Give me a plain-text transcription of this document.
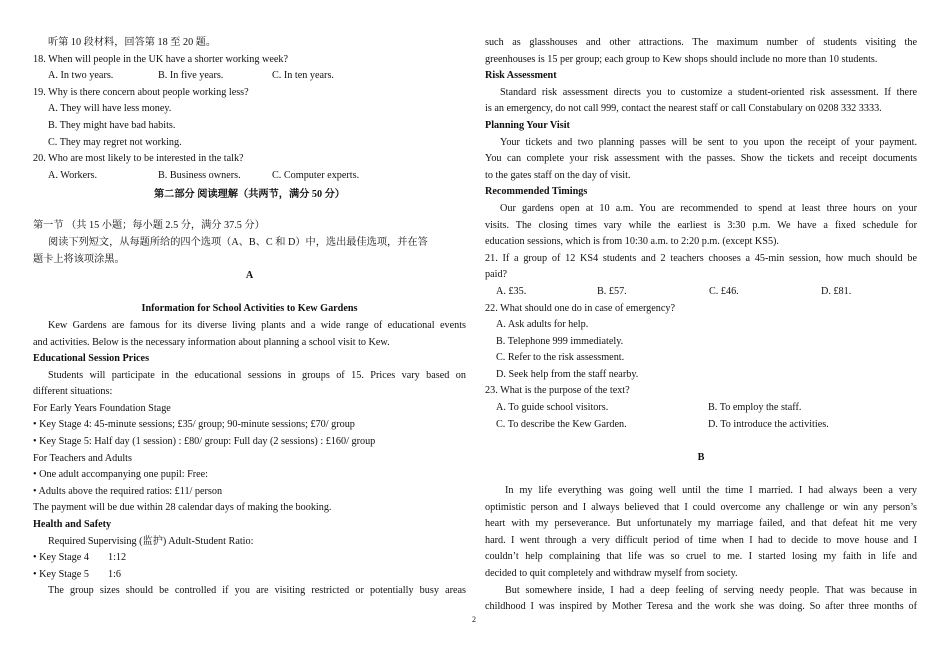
听第 10 段材料，回答第 18 至 20 题。
18. When will people in the UK have a shorter working week?
A. In two years.	B. In five years.	C. In ten years.
19. Why is there concern about people working less?
A. They will have less money.
B. They might have bad habits.
C. They may regret not working.
20. Who are most likely to be interested in the talk?
A. Workers.	B. Business owners.	C. Computer experts.
第二部分 阅读理解（共两节，满分 50 分）
第一节 （共 15 小题；每小题 2.5 分，满分 37.5 分）
阅读下列短文，从每题所给的四个选项（A、B、C 和 D）中，选出最佳选项，并在答
题卡上将该项涂黑。
A
Information for School Activities to Kew Gardens
Kew Gardens are famous for its diverse living plants and a wide range of educational events
and activities. Below is the necessary information about planning a school visit to Kew.
Educational Session Prices
Students will participate in the educational sessions in groups of 15. Prices vary based on
different situations:
For Early Years Foundation Stage
• Key Stage 4: 45-minute sessions; £35/ group; 90-minute sessions; £70/ group
• Key Stage 5: Half day (1 session) : £80/ group: Full day (2 sessions) : £160/ group
For Teachers and Adults
• One adult accompanying one pupil: Free:
• Adults above the required ratios: £11/ person
The payment will be due within 28 calendar days of making the booking.
Health and Safety
Required Supervising (监护) Adult-Student Ratio:
• Key Stage 4 1:12
• Key Stage 5 1:6
The group sizes should be controlled if you are visiting restricted or potentially busy areas
such as glasshouses and other attractions. The maximum number of students visiting the
greenhouses is 15 per group; each group to Kew shops should include no more than 10 students.
Risk Assessment
Standard risk assessment directs you to customize a student-oriented risk assessment. If there
is an emergency, do not call 999, contact the nearest staff or call Constabulary on 0208 332 3333.
Planning Your Visit
Your tickets and two planning passes will be sent to you upon the receipt of your payment.
You can complete your risk assessment with the passes. Show the tickets and receipt documents
to the gates staff on the day of visit.
Recommended Timings
Our gardens open at 10 a.m. You are recommended to spend at least three hours on your
visits. The closing times vary while the earliest is 3:30 p.m. We have a fixed schedule for
education sessions, which is from 10:30 a.m. to 2:20 p.m. (except KS5).
21. If a group of 12 KS4 students and 2 teachers chooses a 45-min session, how much should be
paid?
A. £35.	B. £57.	C. £46.	D. £81.
22. What should one do in case of emergency?
A. Ask adults for help.
B. Telephone 999 immediately.
C. Refer to the risk assessment.
D. Seek help from the staff nearby.
23. What is the purpose of the text?
A. To guide school visitors.	B. To employ the staff.
C. To describe the Kew Garden.	D. To introduce the activities.
B
In my life everything was going well until the time I married. I had always been a very
optimistic person and I always believed that I could overcome any challenge or win any person’s
heart with my perseverance. But unfortunately my marriage failed, and that defeat hit me very
hard. I went through a very difficult period of time when I had to decide to move house and I
couldn’t help complaining that life was so cruel to me. I started losing my faith in life and
decided to quit completely and withdraw myself from society.
But somewhere inside, I had a deep feeling of serving needy people. That was because in
childhood I was inspired by Mother Teresa and the work she was doing. So after three months of
2
